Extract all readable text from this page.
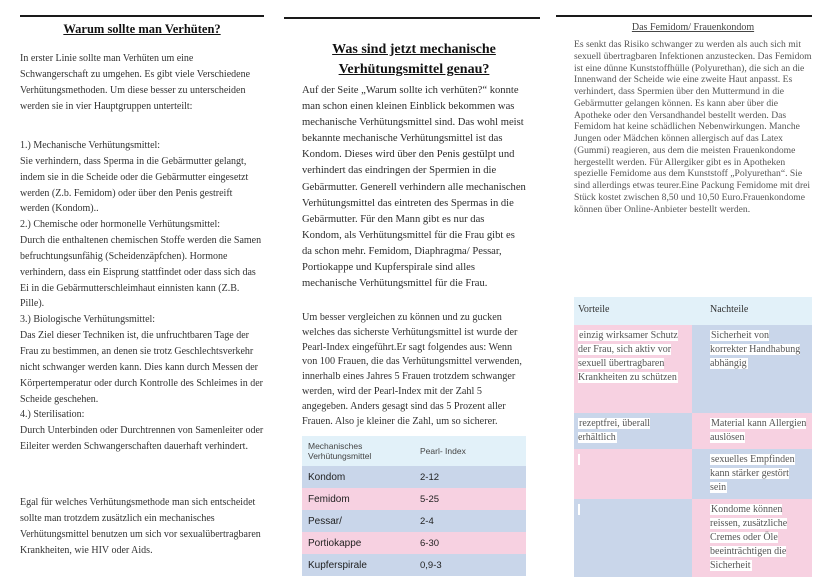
Warum sollte man Verhüten?

In erster Linie sollte man Verhüten um eine Schwangerschaft zu umgehen. Es gibt viele Verschiedene Verhütungsmethoden. Um diese besser zu unterscheiden werden sie in vier Hauptgruppen unterteilt:

1.) Mechanische Verhütungsmittel:
Sie verhindern, dass Sperma in die Gebärmutter gelangt, indem sie in die Scheide oder die Gebärmutter eingesetzt werden (Z.b. Femidom) oder über den Penis gestreift werden (Kondom)..
2.) Chemische oder hormonelle Verhütungsmittel:
Durch die enthaltenen chemischen Stoffe werden die Samen befruchtungsunfähig (Scheidenzäpfchen). Hormone verhindern, dass ein Eisprung stattfindet oder dass sich das Ei in die Gebärmutterschleimhaut einnisten kann (Z.B. Pille).
3.) Biologische Verhütungsmittel:
Das Ziel dieser Techniken ist, die unfruchtbaren Tage der Frau zu bestimmen, an denen sie trotz Geschlechtsverkehr nicht schwanger werden kann. Dies kann durch Messen der Körpertemperatur oder durch Kontrolle des Schleimes in der Scheide geschehen.
4.) Sterilisation:
Durch Unterbinden oder Durchtrennen von Samenleiter oder Eileiter werden Schwangerschaften dauerhaft verhindert.

Egal für welches Verhütungsmethode man sich entscheidet sollte man trotzdem zusätzlich ein mechanisches Verhütungsmittel benutzen um sich vor sexualübertragbaren Krankheiten, wie HIV oder Aids.

Was sind jetzt mechanische Verhütungsmittel genau?

Auf der Seite „Warum sollte ich verhüten?“ konnte man schon einen kleinen Einblick bekommen was mechanische Verhütungsmittel sind. Das wohl meist bekannte mechanische Verhütungsmittel ist das Kondom. Dieses wird über den Penis gestülpt und verhindert das eindringen der Spermien in die Gebärmutter. Generell verhindern alle mechanischen Verhütungsmittel das eintreten des Spermas in die Gebärmutter. Für den Mann gibt es nur das Kondom, als Verhütungsmittel für die Frau gibt es da schon mehr. Femidom, Diaphragma/ Pessar, Portiokappe und Kupferspirale sind alles mechanische Verhütungsmittel für die Frau.

Um besser vergleichen zu können und zu gucken welches das sicherste Verhütungsmittel ist wurde der Pearl-Index eingeführt.Er sagt folgendes aus: Wenn von 100 Frauen, die das Verhütungsmittel verwenden, innerhalb eines Jahres 5 Frauen trotzdem schwanger werden, wird der Pearl-Index mit der Zahl 5 angegeben. Anders gesagt sind das 5 Prozent aller Frauen. Also je kleiner die Zahl, um so sicherer.

Mechanisches Verhütungsmittel	Pearl- Index
Kondom	2-12
Femidom	5-25
Pessar/	2-4
Portiokappe	6-30
Kupferspirale	0,9-3
Das Femidom/ Frauenkondom

Es senkt das Risiko schwanger zu werden als auch sich mit sexuell übertragbaren Infektionen anzustecken. Das Femidom ist eine dünne Kunststoffhülle (Polyurethan), die sich an die Innenwand der Scheide wie eine zweite Haut anpasst. Es verhindert, dass Spermien über den Muttermund in die Gebärmutter gelangen können. Es kann aber über die Apotheke oder den Versandhandel bestellt werden. Das Femidom hat keine schädlichen Nebenwirkungen. Manche Jungen oder Mädchen können allergisch auf das Latex (Gummi) reagieren, aus dem die meisten Frauenkondome hergestellt werden. Für Allergiker gibt es in Apotheken spezielle Femidome aus dem Kunststoff „Polyurethan“. Sie sind allerdings etwas teurer.Eine Packung Femidome mit drei Stück kostet zwischen 8,50 und 10,50 Euro.Frauenkondome können über Online-Anbieter bestellt werden.

Vorteile	Nachteile
einzig wirksamer Schutz der Frau, sich aktiv vor sexuell übertragbaren Krankheiten zu schützen	Sicherheit von korrekter Handhabung abhängig
rezeptfrei, überall erhältlich	Material kann Allergien auslösen
	sexuelles Empfinden kann stärker gestört sein
	Kondome können reissen, zusätzliche Cremes oder Öle beeinträchtigen die Sicherheit
